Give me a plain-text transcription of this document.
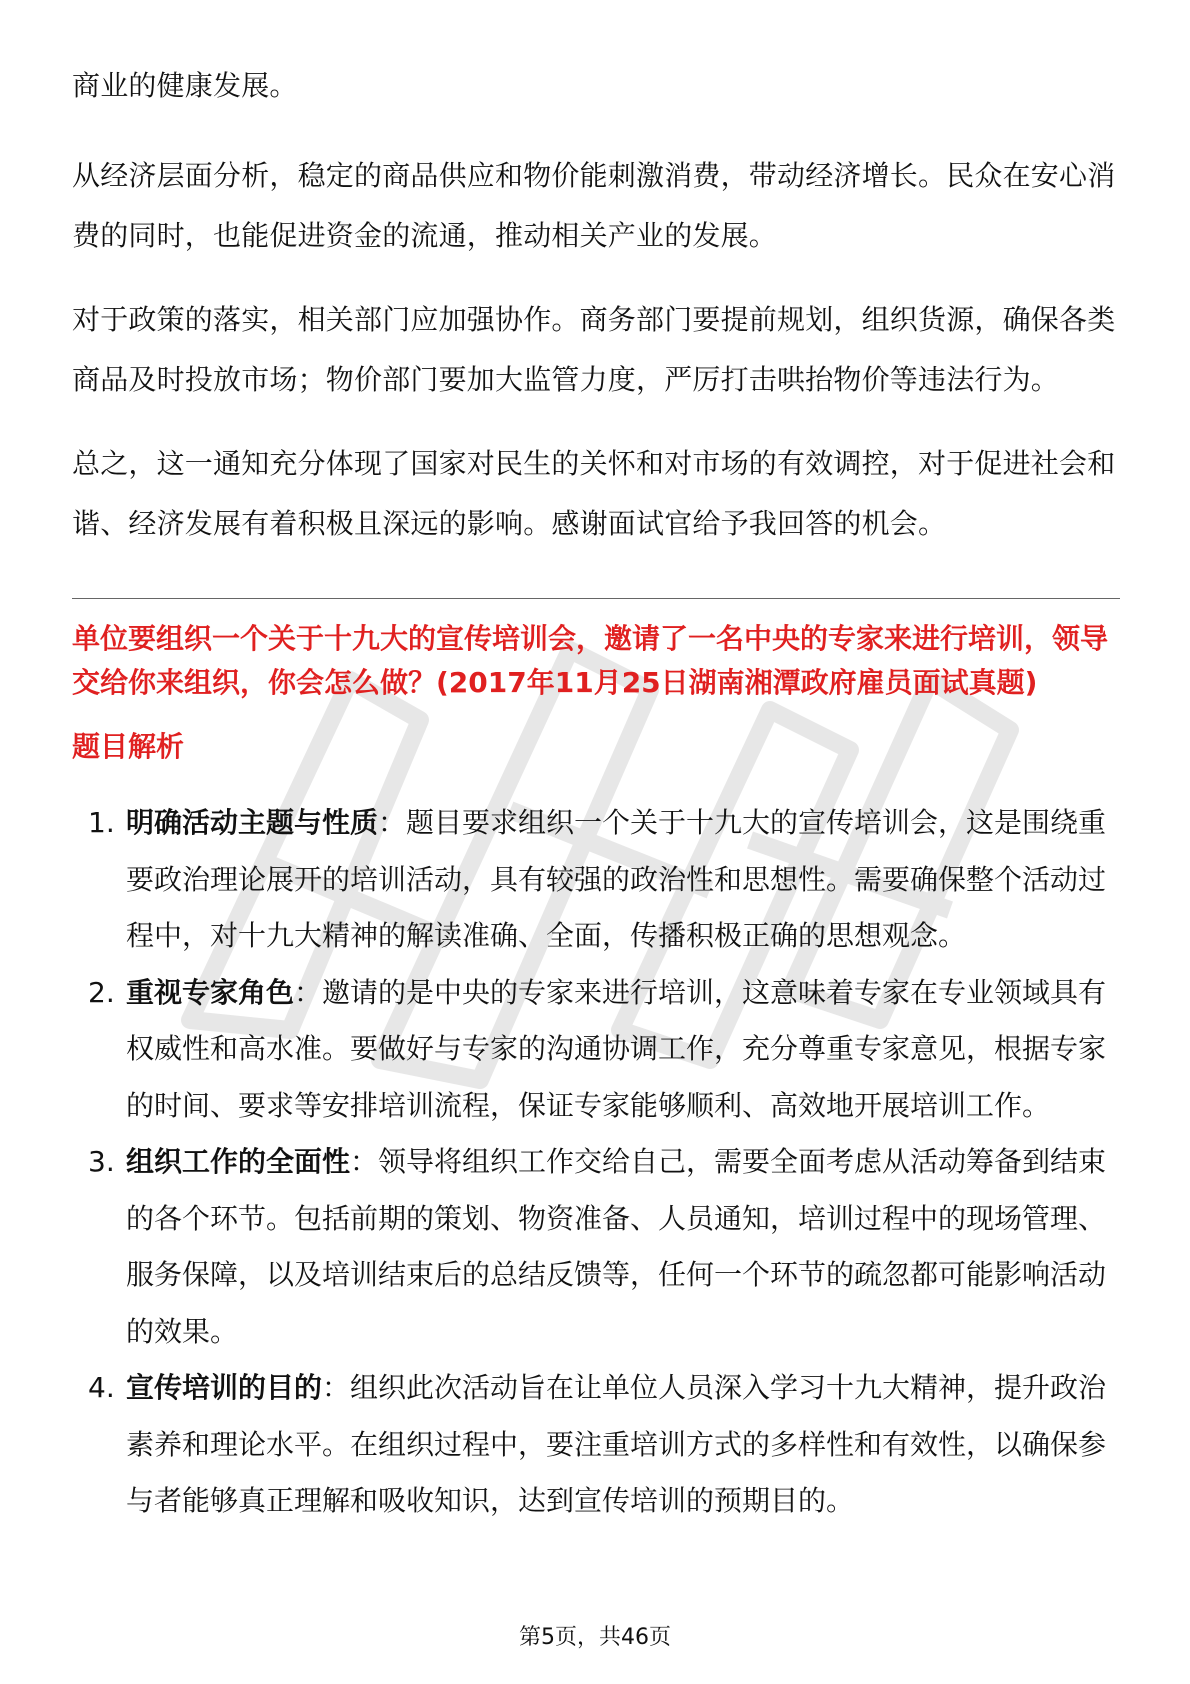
商业的健康发展。

从经济层面分析，稳定的商品供应和物价能刺激消费，带动经济增长。民众在安心消费的同时，也能促进资金的流通，推动相关产业的发展。

对于政策的落实，相关部门应加强协作。商务部门要提前规划，组织货源，确保各类商品及时投放市场；物价部门要加大监管力度，严厉打击哄抬物价等违法行为。

总之，这一通知充分体现了国家对民生的关怀和对市场的有效调控，对于促进社会和谐、经济发展有着积极且深远的影响。感谢面试官给予我回答的机会。

单位要组织一个关于十九大的宣传培训会，邀请了一名中央的专家来进行培训，领导交给你来组织，你会怎么做？(2017年11月25日湖南湘潭政府雇员面试真题)

题目解析

1. 明确活动主题与性质：题目要求组织一个关于十九大的宣传培训会，这是围绕重要政治理论展开的培训活动，具有较强的政治性和思想性。需要确保整个活动过程中，对十九大精神的解读准确、全面，传播积极正确的思想观念。
2. 重视专家角色：邀请的是中央的专家来进行培训，这意味着专家在专业领域具有权威性和高水准。要做好与专家的沟通协调工作，充分尊重专家意见，根据专家的时间、要求等安排培训流程，保证专家能够顺利、高效地开展培训工作。
3. 组织工作的全面性：领导将组织工作交给自己，需要全面考虑从活动筹备到结束的各个环节。包括前期的策划、物资准备、人员通知，培训过程中的现场管理、服务保障，以及培训结束后的总结反馈等，任何一个环节的疏忽都可能影响活动的效果。
4. 宣传培训的目的：组织此次活动旨在让单位人员深入学习十九大精神，提升政治素养和理论水平。在组织过程中，要注重培训方式的多样性和有效性，以确保参与者能够真正理解和吸收知识，达到宣传培训的预期目的。
第5页，共46页
